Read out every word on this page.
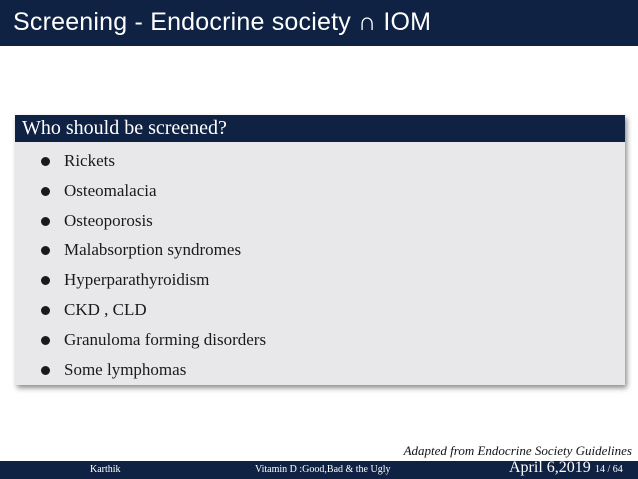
Screening - Endocrine society ∩ IOM
Who should be screened?
Rickets
Osteomalacia
Osteoporosis
Malabsorption syndromes
Hyperparathyroidism
CKD , CLD
Granuloma forming disorders
Some lymphomas
Adapted from Endocrine Society Guidelines
Karthik	Vitamin D :Good,Bad & the Ugly	April 6,2019 14 / 64
